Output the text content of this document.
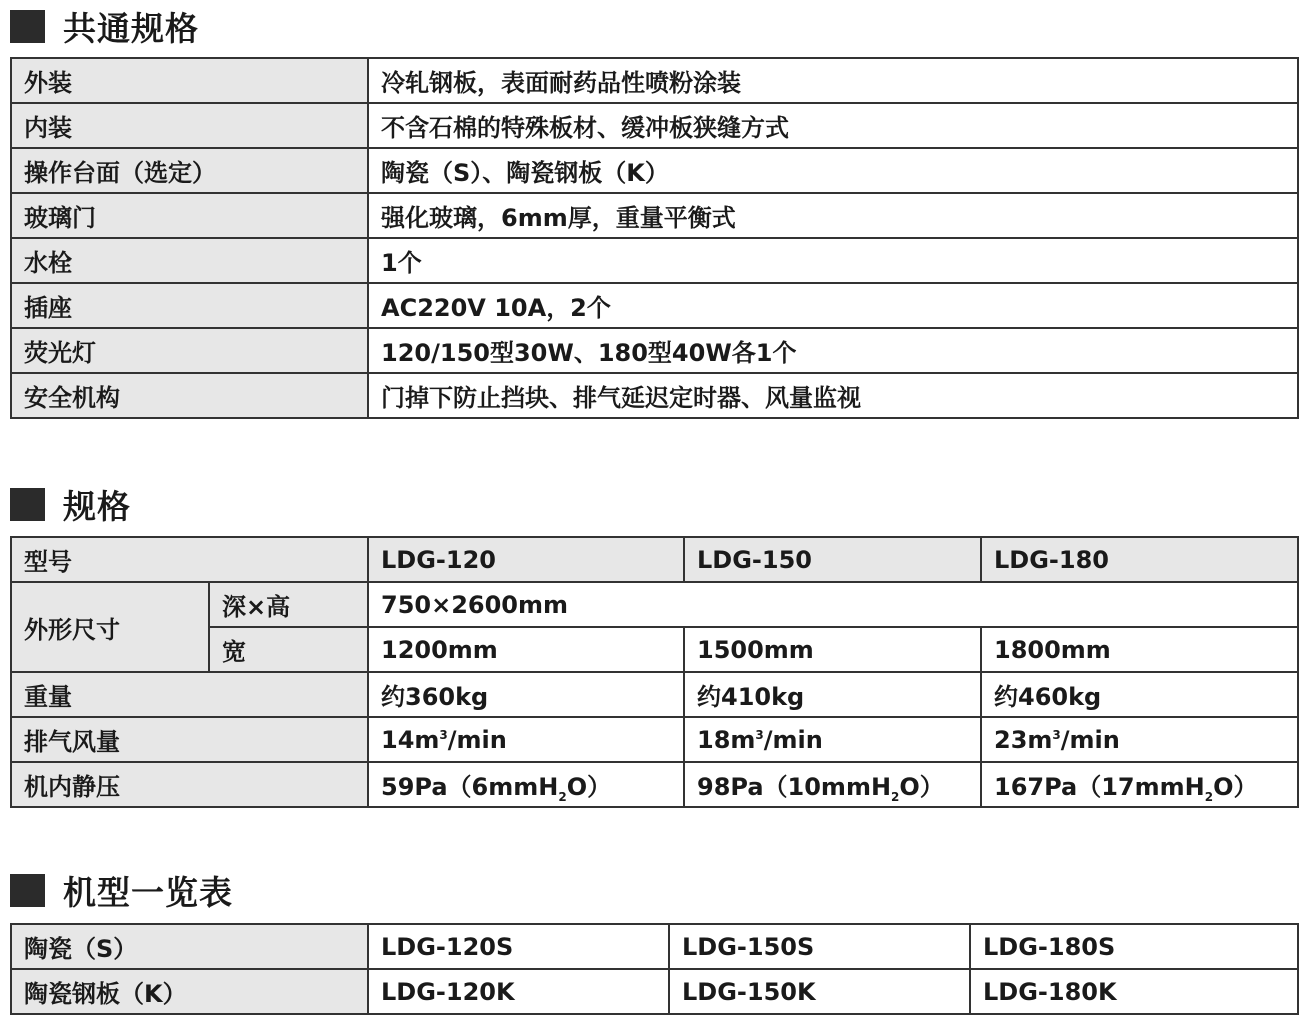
共通规格
外装	冷轧钢板，表面耐药品性喷粉涂装
内装	不含石棉的特殊板材、缓冲板狭缝方式
操作台面（选定）	陶瓷（S）、陶瓷钢板（K）
玻璃门	强化玻璃，6mm厚，重量平衡式
水栓	1个
插座	AC220V 10A，2个
荧光灯	120/150型30W、180型40W各1个
安全机构	门掉下防止挡块、排气延迟定时器、风量监视
规格
型号		LDG-120	LDG-150	LDG-180
外形尺寸	深×高	750×2600mm		
	宽	1200mm	1500mm	1800mm
重量		约360kg	约410kg	约460kg
排气风量		$14m^3/\min$	$18m^3/\min$	$23m^3/\min$
机内静压		59Pa（6mmH$_2$O）	98Pa（10mmH$_2$O）	167Pa（17mmH$_2$O）
机型一览表
陶瓷（S）	LDG-120S	LDG-150S	LDG-180S
陶瓷钢板（K）	LDG-120K	LDG-150K	LDG-180K
